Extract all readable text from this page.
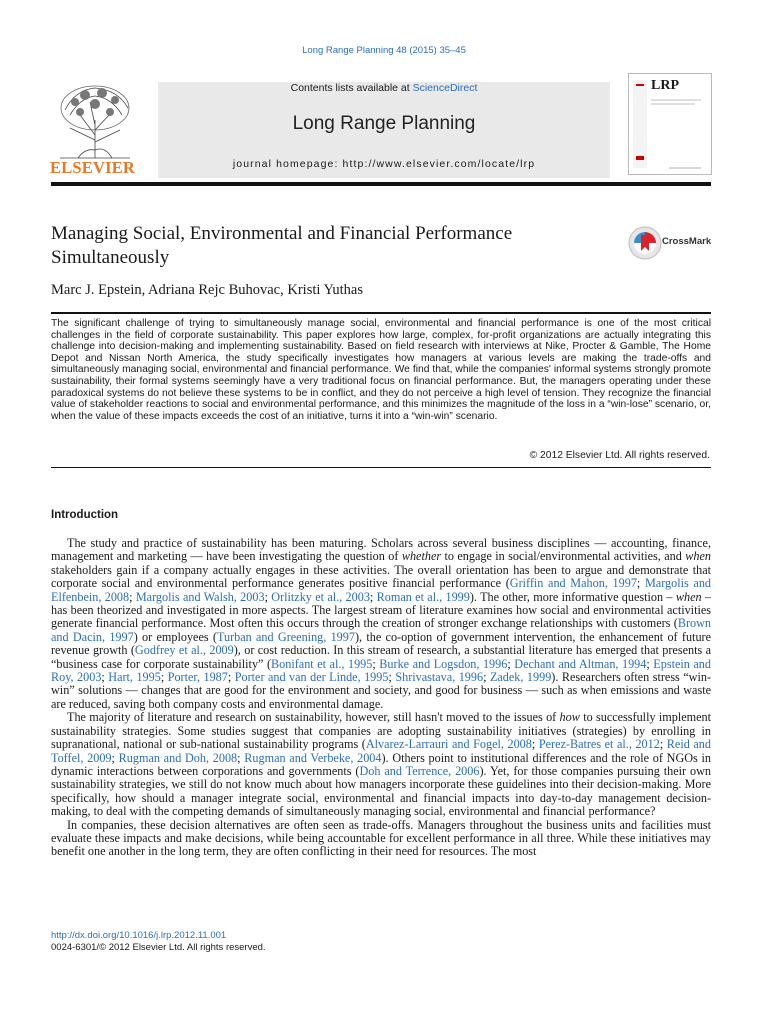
Long Range Planning 48 (2015) 35–45
ELSEVIER
Contents lists available at ScienceDirect
Long Range Planning
journal homepage: http://www.elsevier.com/locate/lrp
LRP
Managing Social, Environmental and Financial Performance Simultaneously
CrossMark
Marc J. Epstein, Adriana Rejc Buhovac, Kristi Yuthas

The significant challenge of trying to simultaneously manage social, environmental and financial performance is one of the most critical challenges in the field of corporate sustainability. This paper explores how large, complex, for-profit organizations are actually integrating this challenge into decision-making and implementing sustainability. Based on field research with interviews at Nike, Procter & Gamble, The Home Depot and Nissan North America, the study specifically investigates how managers at various levels are making the trade-offs and simultaneously managing social, environmental and financial performance. We find that, while the companies' informal systems strongly promote sustainability, their formal systems seemingly have a very traditional focus on financial performance. But, the managers operating under these paradoxical systems do not believe these systems to be in conflict, and they do not perceive a high level of tension. They recognize the financial value of stakeholder reactions to social and environmental performance, and this minimizes the magnitude of the loss in a “win-lose” scenario, or, when the value of these impacts exceeds the cost of an initiative, turns it into a “win-win” scenario.

© 2012 Elsevier Ltd. All rights reserved.
Introduction

The study and practice of sustainability has been maturing. Scholars across several business disciplines — accounting, finance, management and marketing — have been investigating the question of whether to engage in social/environmental activities, and when stakeholders gain if a company actually engages in these activities. The overall orientation has been to argue and demonstrate that corporate social and environmental performance generates positive financial performance (Griffin and Mahon, 1997; Margolis and Elfenbein, 2008; Margolis and Walsh, 2003; Orlitzky et al., 2003; Roman et al., 1999). The other, more informative question – when – has been theorized and investigated in more aspects. The largest stream of literature examines how social and environmental activities generate financial performance. Most often this occurs through the creation of stronger exchange relationships with customers (Brown and Dacin, 1997) or employees (Turban and Greening, 1997), the co-option of government intervention, the enhancement of future revenue growth (Godfrey et al., 2009), or cost reduction. In this stream of research, a substantial literature has emerged that presents a “business case for corporate sustainability” (Bonifant et al., 1995; Burke and Logsdon, 1996; Dechant and Altman, 1994; Epstein and Roy, 2003; Hart, 1995; Porter, 1987; Porter and van der Linde, 1995; Shrivastava, 1996; Zadek, 1999). Researchers often stress “win-win” solutions — changes that are good for the environment and society, and good for business — such as when emissions and waste are reduced, saving both company costs and environmental damage.

The majority of literature and research on sustainability, however, still hasn't moved to the issues of how to successfully implement sustainability strategies. Some studies suggest that companies are adopting sustainability initiatives (strategies) by enrolling in supranational, national or sub-national sustainability programs (Alvarez-Larrauri and Fogel, 2008; Perez-Batres et al., 2012; Reid and Toffel, 2009; Rugman and Doh, 2008; Rugman and Verbeke, 2004). Others point to institutional differences and the role of NGOs in dynamic interactions between corporations and governments (Doh and Terrence, 2006). Yet, for those companies pursuing their own sustainability strategies, we still do not know much about how managers incorporate these guidelines into their decision-making. More specifically, how should a manager integrate social, environmental and financial impacts into day-to-day management decision-making, to deal with the competing demands of simultaneously managing social, environmental and financial performance?

In companies, these decision alternatives are often seen as trade-offs. Managers throughout the business units and facilities must evaluate these impacts and make decisions, while being accountable for excellent performance in all three. While these initiatives may benefit one another in the long term, they are often conflicting in their need for resources. The most

http://dx.doi.org/10.1016/j.lrp.2012.11.001
0024-6301/© 2012 Elsevier Ltd. All rights reserved.
